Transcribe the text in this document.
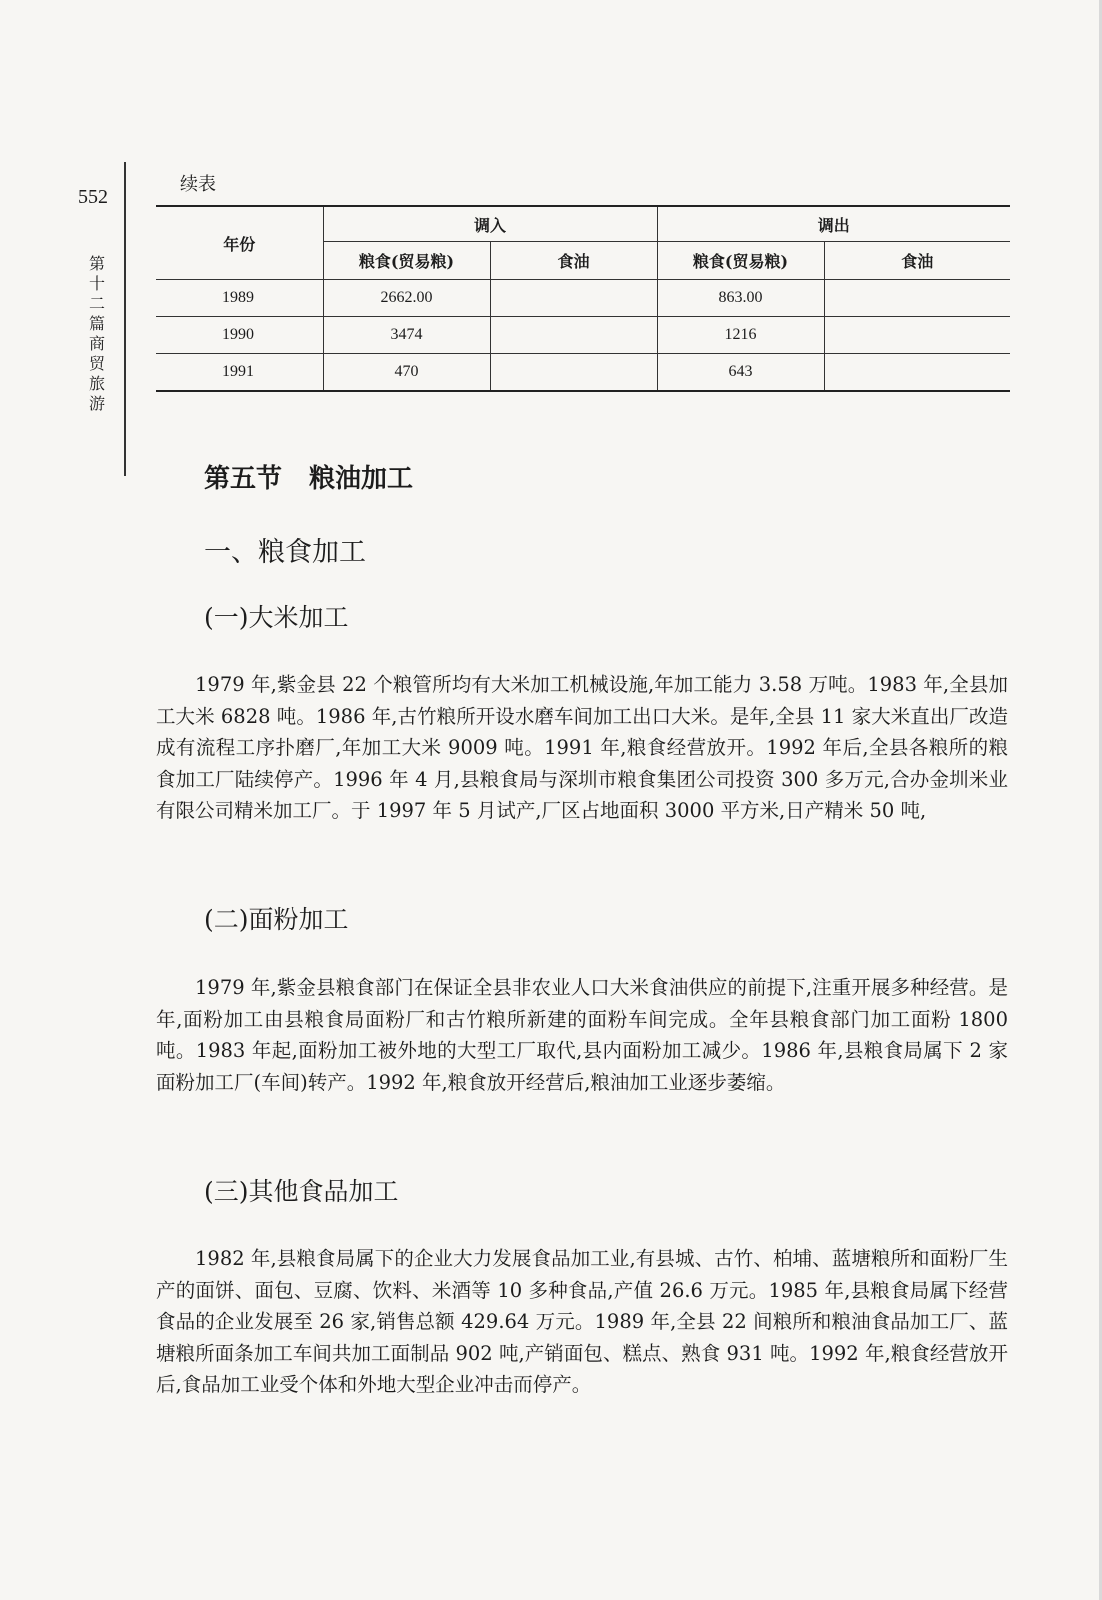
552
第十二篇 商贸 旅游
续表
年份	调入		调出	
	粮食(贸易粮)	食油	粮食(贸易粮)	食油
1989	2662.00		863.00	
1990	3474		1216	
1991	470		643	
第五节 粮油加工
一、粮食加工
(一)大米加工
1979 年,紫金县 22 个粮管所均有大米加工机械设施,年加工能力 3.58 万吨。1983 年,全县加工大米 6828 吨。1986 年,古竹粮所开设水磨车间加工出口大米。是年,全县 11 家大米直出厂改造成有流程工序扑磨厂,年加工大米 9009 吨。1991 年,粮食经营放开。1992 年后,全县各粮所的粮食加工厂陆续停产。1996 年 4 月,县粮食局与深圳市粮食集团公司投资 300 多万元,合办金圳米业有限公司精米加工厂。于 1997 年 5 月试产,厂区占地面积 3000 平方米,日产精米 50 吨,
(二)面粉加工
1979 年,紫金县粮食部门在保证全县非农业人口大米食油供应的前提下,注重开展多种经营。是年,面粉加工由县粮食局面粉厂和古竹粮所新建的面粉车间完成。全年县粮食部门加工面粉 1800 吨。1983 年起,面粉加工被外地的大型工厂取代,县内面粉加工减少。1986 年,县粮食局属下 2 家面粉加工厂(车间)转产。1992 年,粮食放开经营后,粮油加工业逐步萎缩。
(三)其他食品加工
1982 年,县粮食局属下的企业大力发展食品加工业,有县城、古竹、柏埔、蓝塘粮所和面粉厂生产的面饼、面包、豆腐、饮料、米酒等 10 多种食品,产值 26.6 万元。1985 年,县粮食局属下经营食品的企业发展至 26 家,销售总额 429.64 万元。1989 年,全县 22 间粮所和粮油食品加工厂、蓝塘粮所面条加工车间共加工面制品 902 吨,产销面包、糕点、熟食 931 吨。1992 年,粮食经营放开后,食品加工业受个体和外地大型企业冲击而停产。
